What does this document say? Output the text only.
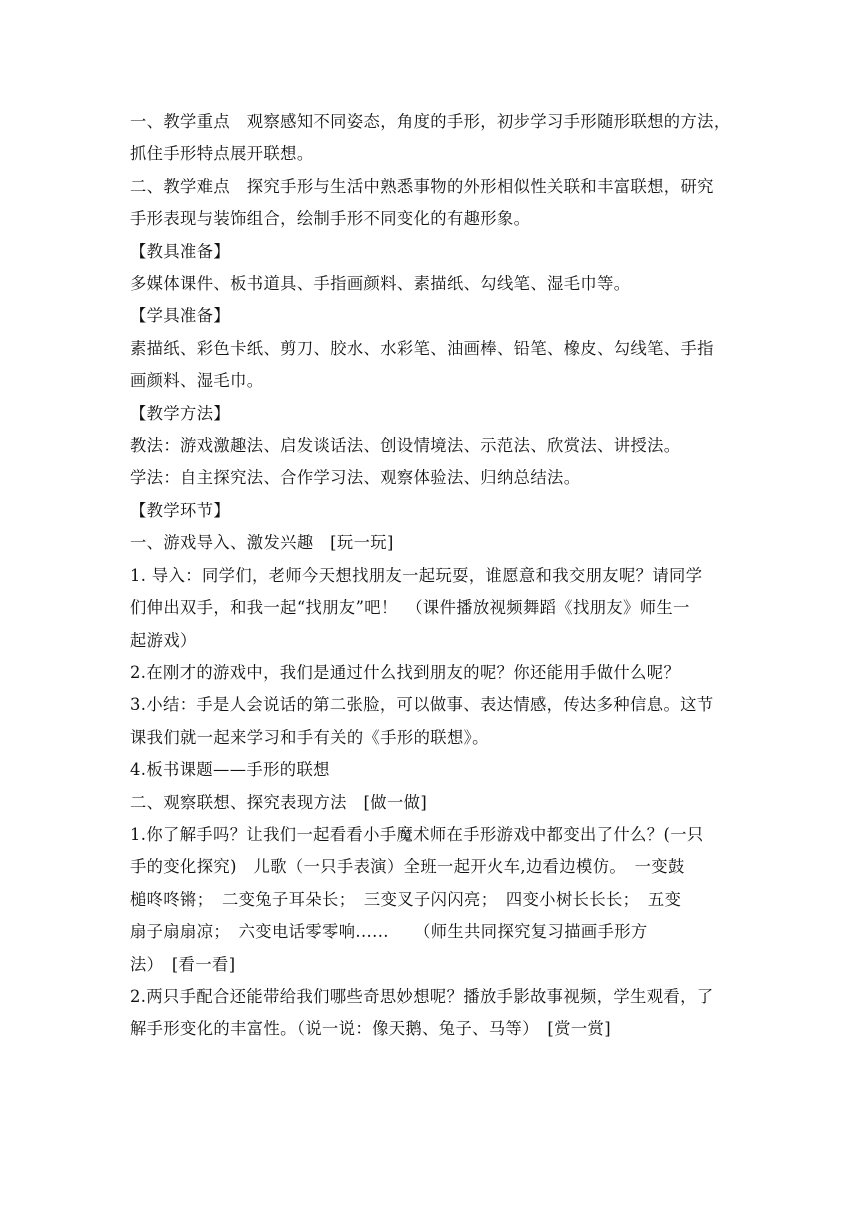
一、教学重点　观察感知不同姿态，角度的手形，初步学习手形随形联想的方法，
抓住手形特点展开联想。
二、教学难点　探究手形与生活中熟悉事物的外形相似性关联和丰富联想，研究
手形表现与装饰组合，绘制手形不同变化的有趣形象。
【教具准备】
多媒体课件、板书道具、手指画颜料、素描纸、勾线笔、湿毛巾等。
【学具准备】
素描纸、彩色卡纸、剪刀、胶水、水彩笔、油画棒、铅笔、橡皮、勾线笔、手指
画颜料、湿毛巾。
【教学方法】
教法：游戏激趣法、启发谈话法、创设情境法、示范法、欣赏法、讲授法。
学法：自主探究法、合作学习法、观察体验法、归纳总结法。
【教学环节】
一、游戏导入、激发兴趣　[玩一玩]
1. 导入：同学们，老师今天想找朋友一起玩耍，谁愿意和我交朋友呢？请同学
们伸出双手，和我一起“找朋友”吧！　（课件播放视频舞蹈《找朋友》师生一
起游戏）
2.在刚才的游戏中，我们是通过什么找到朋友的呢？你还能用手做什么呢？
3.小结：手是人会说话的第二张脸，可以做事、表达情感，传达多种信息。这节
课我们就一起来学习和手有关的《手形的联想》。
4.板书课题——手形的联想
二、观察联想、探究表现方法　[做一做]
1.你了解手吗？让我们一起看看小手魔术师在手形游戏中都变出了什么？(一只
手的变化探究)　儿歌（一只手表演）全班一起开火车,边看边模仿。　一变鼓
槌咚咚锵；　二变兔子耳朵长；　三变叉子闪闪亮；　四变小树长长长；　五变
扇子扇扇凉；　六变电话零零响......　　（师生共同探究复习描画手形方
法）　[看一看]
2.两只手配合还能带给我们哪些奇思妙想呢？播放手影故事视频，学生观看，了
解手形变化的丰富性。（说一说：像天鹅、兔子、马等）　[赏一赏]
